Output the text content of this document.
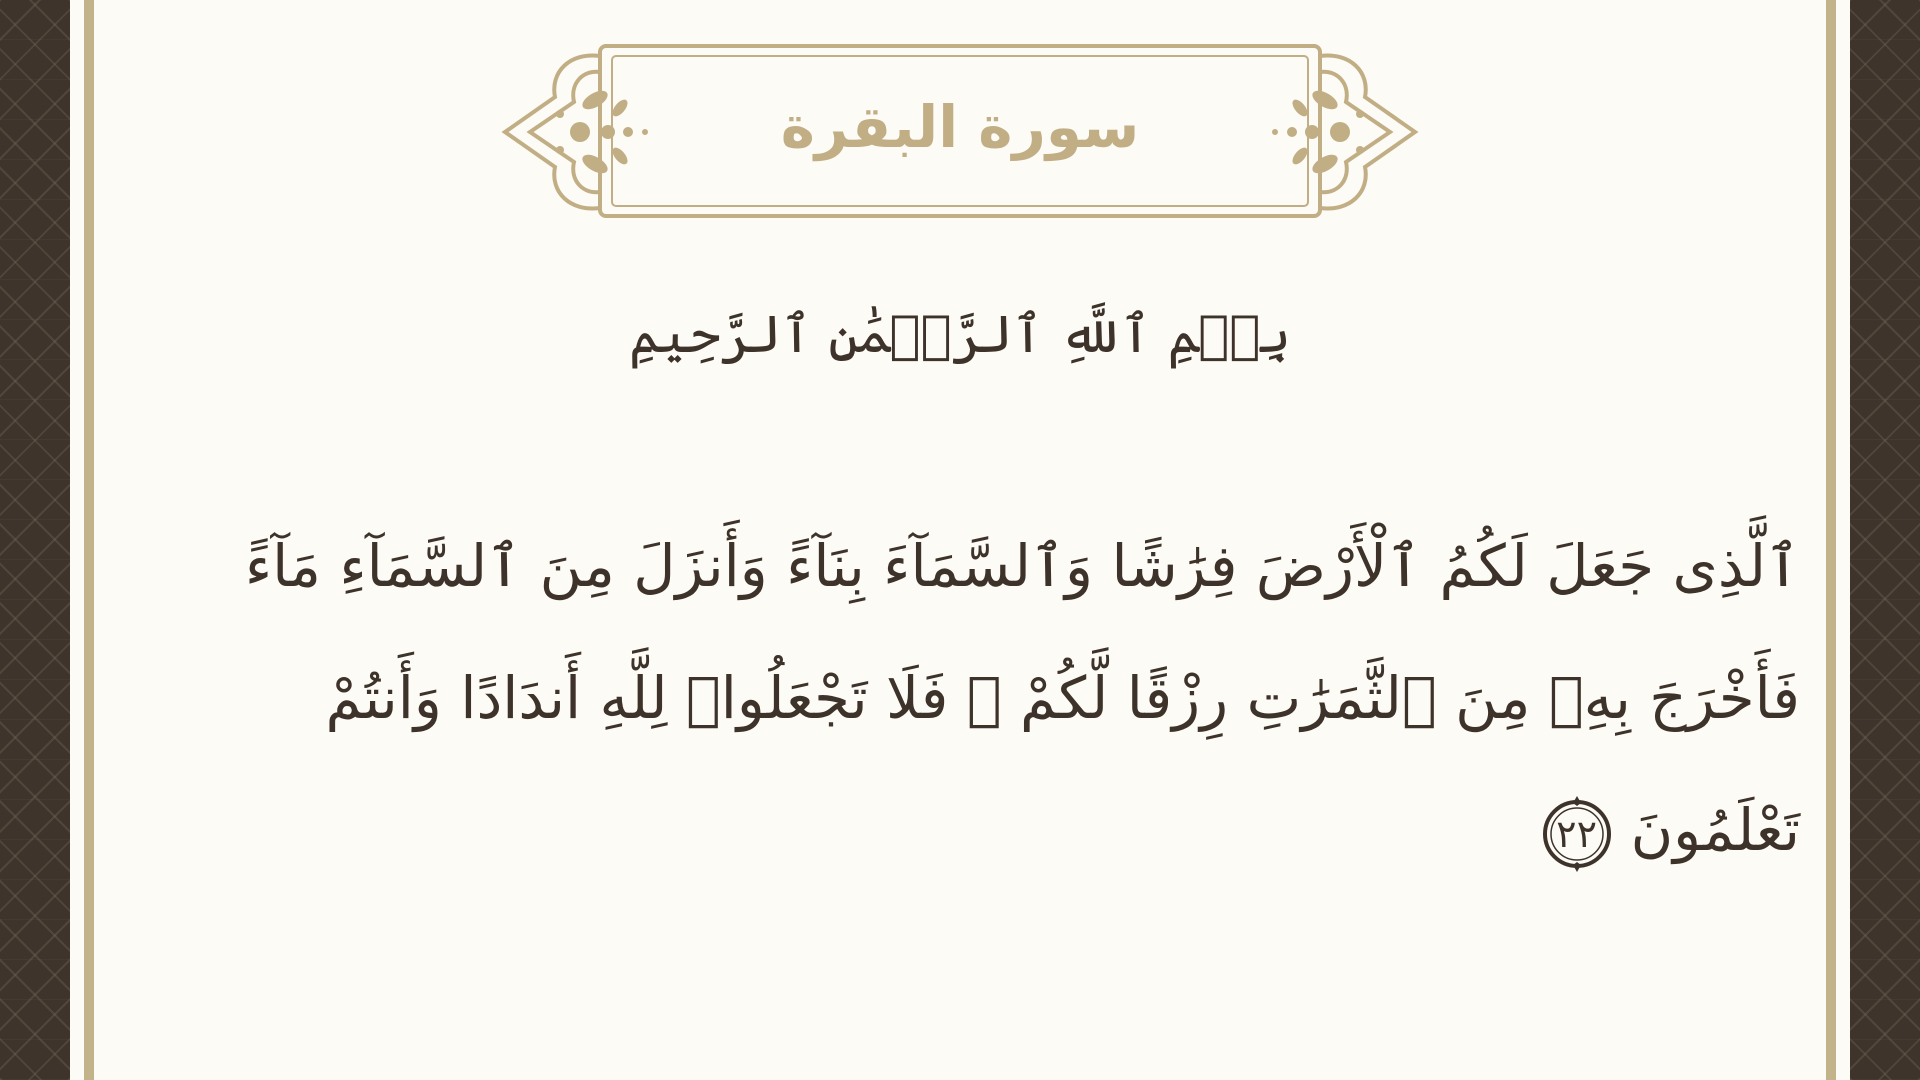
سورة البقرة
بِسۡمِ ٱللَّهِ ٱلرَّحۡمَٰنِ ٱلرَّحِيمِ
ٱلَّذِى جَعَلَ لَكُمُ ٱلْأَرْضَ فِرَٰشًا وَٱلسَّمَآءَ بِنَآءً وَأَنزَلَ مِنَ ٱلسَّمَآءِ مَآءً
فَأَخْرَجَ بِهِۦ مِنَ ٱلثَّمَرَٰتِ رِزْقًا لَّكُمْ ۖ فَلَا تَجْعَلُوا۟ لِلَّهِ أَندَادًا وَأَنتُمْ
تَعْلَمُونَ
٢٢
